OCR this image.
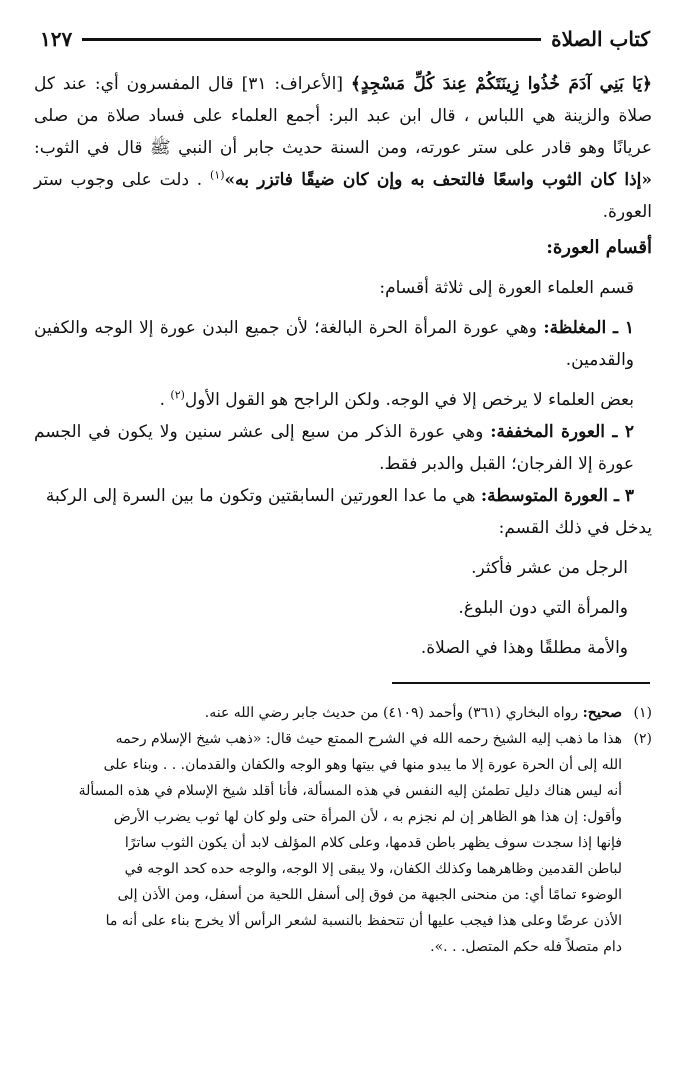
كتاب الصلاة
١٢٧

﴿يَا بَنِي آدَمَ خُذُوا زِينَتَكُمْ عِندَ كُلِّ مَسْجِدٍ﴾ [الأعراف: ٣١] قال المفسرون أي: عند كل صلاة والزينة هي اللباس ، قال ابن عبد البر: أجمع العلماء على فساد صلاة من صلى عريانًا وهو قادر على ستر عورته، ومن السنة حديث جابر أن النبي ﷺ قال في الثوب: «إذا كان الثوب واسعًا فالتحف به وإن كان ضيقًا فاتزر به»$^{(١)}$ . دلت على وجوب ستر العورة.

أقسام العورة:

قسم العلماء العورة إلى ثلاثة أقسام:

١ ـ المغلظة: وهي عورة المرأة الحرة البالغة؛ لأن جميع البدن عورة إلا الوجه والكفين والقدمين.

بعض العلماء لا يرخص إلا في الوجه. ولكن الراجح هو القول الأول$^{(٢)}$ .

٢ ـ العورة المخففة: وهي عورة الذكر من سبع إلى عشر سنين ولا يكون في الجسم عورة إلا الفرجان؛ القبل والدبر فقط.

٣ ـ العورة المتوسطة: هي ما عدا العورتين السابقتين وتكون ما بين السرة إلى الركبة

يدخل في ذلك القسم:

الرجل من عشر فأكثر.

والمرأة التي دون البلوغ.

والأمة مطلقًا وهذا في الصلاة.

(١)
صحيح: رواه البخاري (٣٦١) وأحمد (٤١٠٩) من حديث جابر رضي الله عنه.
(٢)
هذا ما ذهب إليه الشيخ رحمه الله في الشرح الممتع حيث قال: «ذهب شيخ الإسلام رحمه
الله إلى أن الحرة عورة إلا ما يبدو منها في بيتها وهو الوجه والكفان والقدمان. . . وبناء على
أنه ليس هناك دليل تطمئن إليه النفس في هذه المسألة، فأنا أقلد شيخ الإسلام في هذه المسألة
وأقول: إن هذا هو الظاهر إن لم نجزم به ، لأن المرأة حتى ولو كان لها ثوب يضرب الأرض
فإنها إذا سجدت سوف يظهر باطن قدمها، وعلى كلام المؤلف لابد أن يكون الثوب ساترًا
لباطن القدمين وظاهرهما وكذلك الكفان، ولا يبقى إلا الوجه، والوجه حده كحد الوجه في
الوضوء تمامًا أي: من منحنى الجبهة من فوق إلى أسفل اللحية من أسفل، ومن الأذن إلى
الأذن عرضًا وعلى هذا فيجب عليها أن تتحفظ بالنسبة لشعر الرأس ألا يخرج بناء على أنه ما
دام متصلاً فله حكم المتصل. . .».
